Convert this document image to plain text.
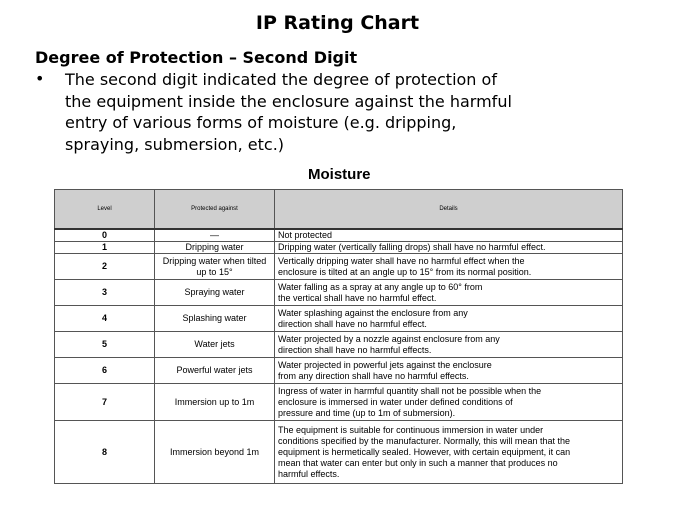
IP Rating Chart
Degree of Protection – Second Digit
• The second digit indicated the degree of protection of
the equipment inside the enclosure against the harmful
entry of various forms of moisture (e.g. dripping,
spraying, submersion, etc.)
Moisture
Level	Protected against	Details
0	—	Not protected

1	Dripping water	Dripping water (vertically falling drops) shall have no harmful effect.

2	Dripping water when tilted up to 15°	Vertically dripping water shall have no harmful effect when the
enclosure is tilted at an angle up to 15° from its normal position.

3	Spraying water	Water falling as a spray at any angle up to 60° from
the vertical shall have no harmful effect.

4	Splashing water	Water splashing against the enclosure from any
direction shall have no harmful effect.

5	Water jets	Water projected by a nozzle against enclosure from any
direction shall have no harmful effects.

6	Powerful water jets	Water projected in powerful jets against the enclosure
from any direction shall have no harmful effects.

7	Immersion up to 1m	Ingress of water in harmful quantity shall not be possible when the
enclosure is immersed in water under defined conditions of
pressure and time (up to 1m of submersion).

8	Immersion beyond 1m	The equipment is suitable for continuous immersion in water under
conditions specified by the manufacturer. Normally, this will mean that the
equipment is hermetically sealed. However, with certain equipment, it can
mean that water can enter but only in such a manner that produces no
harmful effects.
